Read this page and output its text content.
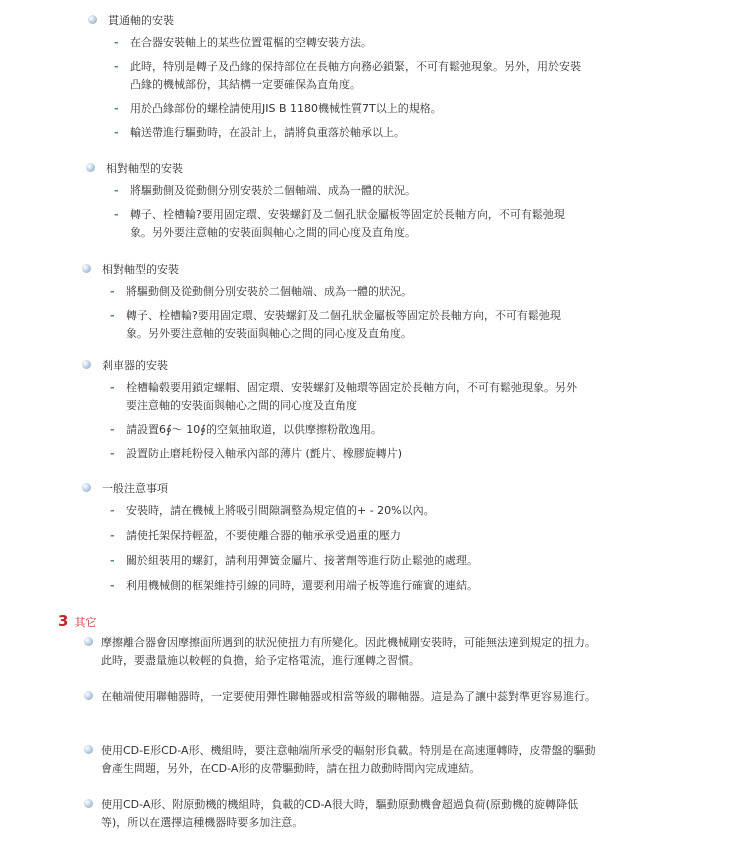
貫通軸的安裝
- 在合器安裝軸上的某些位置電樞的空轉安裝方法。
- 此時，特別是轉子及凸緣的保持部位在長軸方向務必鎖緊，不可有鬆弛現象。另外，用於安裝凸緣的機械部份，其結構一定要確保為直角度。
- 用於凸緣部份的螺栓請使用JIS B 1180機械性質7T以上的規格。
- 輸送帶進行驅動時，在設計上，請將負重落於軸承以上。
相對軸型的安裝
- 將驅動側及從動側分別安裝於二個軸端、成為一體的狀況。
- 轉子、栓槽輪?要用固定環、安裝螺釘及二個孔狀金屬板等固定於長軸方向，不可有鬆弛現象。另外要注意軸的安裝面與軸心之間的同心度及直角度。
相對軸型的安裝
- 將驅動側及從動側分別安裝於二個軸端、成為一體的狀況。
- 轉子、栓槽輪?要用固定環、安裝螺釘及二個孔狀金屬板等固定於長軸方向，不可有鬆弛現象。另外要注意軸的安裝面與軸心之間的同心度及直角度。
剎車器的安裝
- 栓槽輪毂要用鎖定螺帽、固定環、安裝螺釘及軸環等固定於長軸方向，不可有鬆弛現象。另外要注意軸的安裝面與軸心之間的同心度及直角度
- 請設置6∮～ 10∮的空氣抽取道，以供摩擦粉散逸用。
- 設置防止磨耗粉侵入軸承內部的薄片 (氈片、橡膠旋轉片)
一般注意事項
- 安裝時，請在機械上將吸引間隙調整為規定值的+ - 20%以內。
- 請使托架保持輕盈，不要使離合器的軸承承受過重的壓力
- 關於組裝用的螺釘，請利用彈簧金屬片、接著劑等進行防止鬆弛的處理。
- 利用機械側的框架維持引線的同時，還要利用端子板等進行確實的連結。
3 其它
摩擦離合器會因摩擦面所遇到的狀況使扭力有所變化。因此機械剛安裝時，可能無法達到規定的扭力。此時，要盡量施以較輕的負擔，給予定格電流，進行運轉之習慣。
在軸端使用聯軸器時，一定要使用彈性聯軸器或相當等級的聯軸器。這是為了讓中蕊對準更容易進行。
使用CD-E形CD-A形、機組時，要注意軸端所承受的輻射形負載。特別是在高速運轉時，皮帶盤的驅動會產生問題，另外，在CD-A形的皮帶驅動時，請在扭力啟動時間內完成連結。
使用CD-A形、附原動機的機組時，負載的CD-A很大時，驅動原動機會超過負荷(原動機的旋轉降低等)，所以在選擇這種機器時要多加注意。
